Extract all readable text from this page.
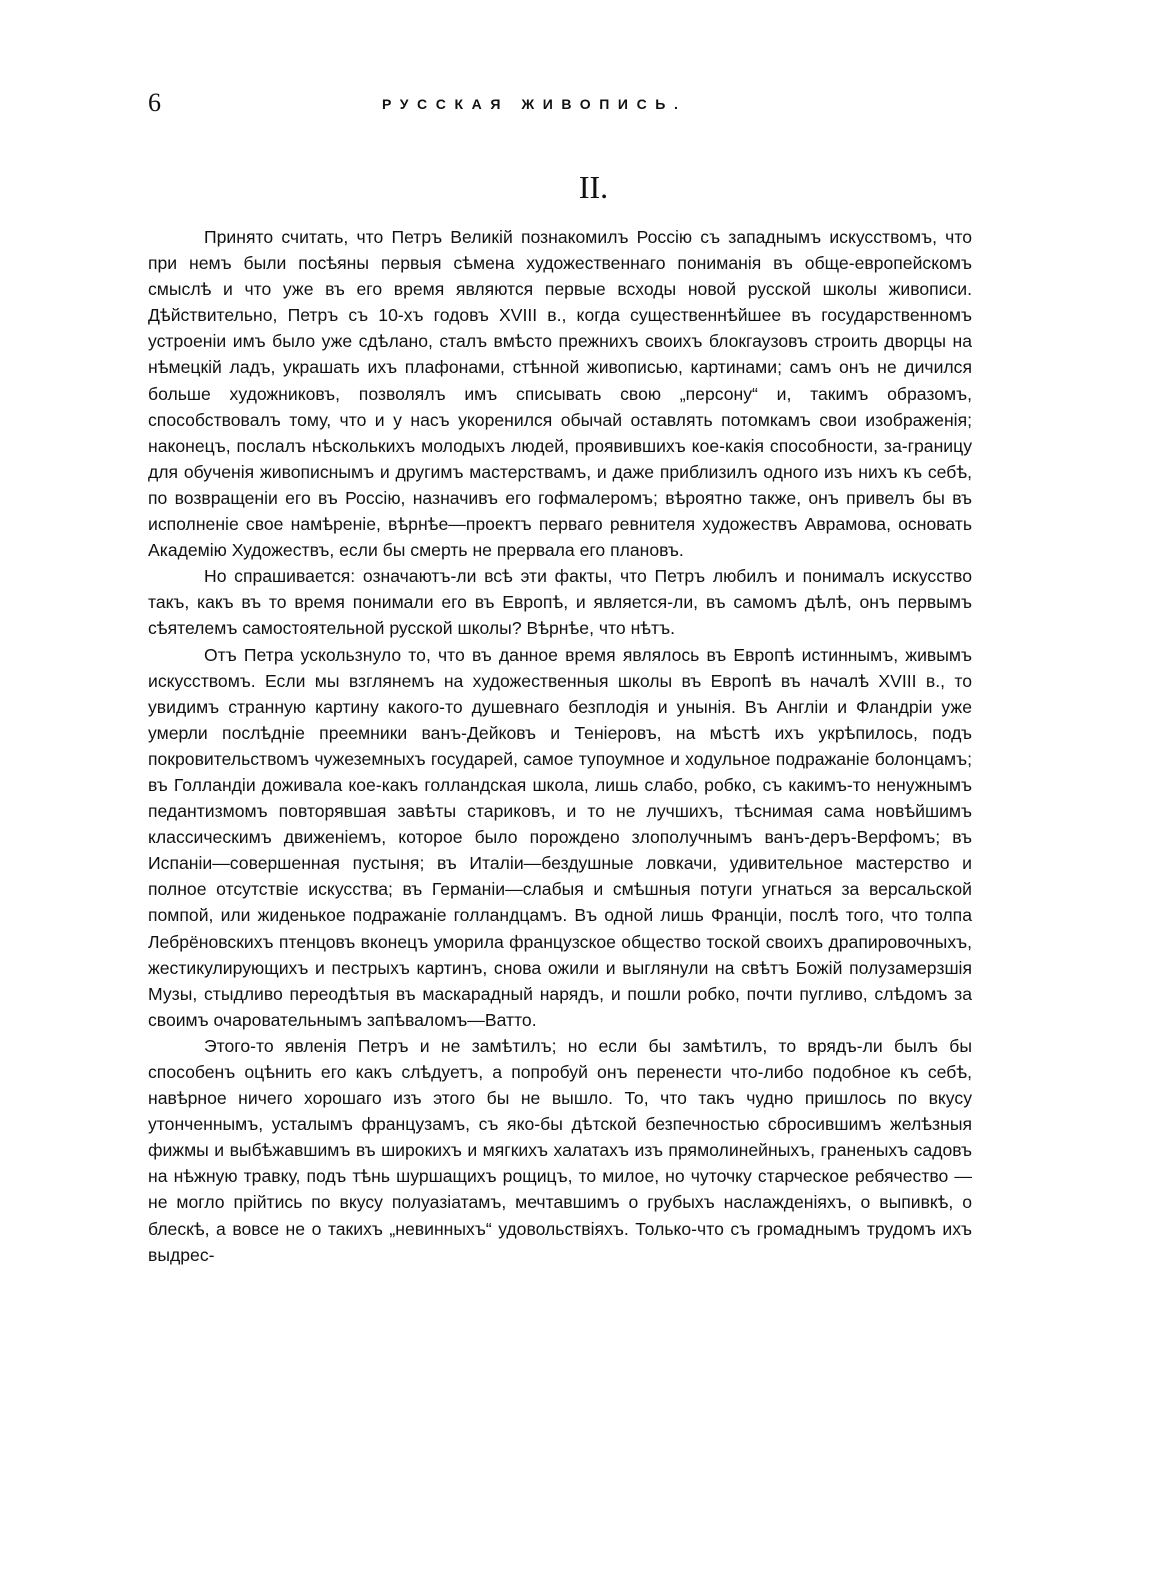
6	РУССКАЯ ЖИВОПИСЬ.
II.

Принято считать, что Петръ Великій познакомилъ Россію съ западнымъ искусствомъ, что при немъ были посѣяны первыя сѣмена художественнаго пониманія въ обще-европейскомъ смыслѣ и что уже въ его время являются первые всходы новой русской школы живописи. Дѣйствительно, Петръ съ 10-хъ годовъ XVIII в., когда существеннѣйшее въ государственномъ устроеніи имъ было уже сдѣлано, сталъ вмѣсто прежнихъ своихъ блокгаузовъ строить дворцы на нѣмецкій ладъ, украшать ихъ плафонами, стѣнной живописью, картинами; самъ онъ не дичился больше художниковъ, позволялъ имъ списывать свою „персону“ и, такимъ образомъ, способствовалъ тому, что и у насъ укоренился обычай оставлять потомкамъ свои изображенія; наконецъ, послалъ нѣсколькихъ молодыхъ людей, проявившихъ кое-какія способности, за-границу для обученія живописнымъ и другимъ мастерствамъ, и даже приблизилъ одного изъ нихъ къ себѣ, по возвращеніи его въ Россію, назначивъ его гофмалеромъ; вѣроятно также, онъ привелъ бы въ исполненіе свое намѣреніе, вѣрнѣе—проектъ перваго ревнителя художествъ Аврамова, основать Академію Художествъ, если бы смерть не прервала его плановъ.

Но спрашивается: означаютъ-ли всѣ эти факты, что Петръ любилъ и понималъ искусство такъ, какъ въ то время понимали его въ Европѣ, и является-ли, въ самомъ дѣлѣ, онъ первымъ сѣятелемъ самостоятельной русской школы? Вѣрнѣе, что нѣтъ.

Отъ Петра ускользнуло то, что въ данное время являлось въ Европѣ истиннымъ, живымъ искусствомъ. Если мы взглянемъ на художественныя школы въ Европѣ въ началѣ XVIII в., то увидимъ странную картину какого-то душевнаго безплодія и унынія. Въ Англіи и Фландріи уже умерли послѣдніе преемники ванъ-Дейковъ и Теніеровъ, на мѣстѣ ихъ укрѣпилось, подъ покровительствомъ чужеземныхъ государей, самое тупоумное и ходульное подражаніе болонцамъ; въ Голландіи доживала кое-какъ голландская школа, лишь слабо, робко, съ какимъ-то ненужнымъ педантизмомъ повторявшая завѣты стариковъ, и то не лучшихъ, тѣснимая сама новѣйшимъ классическимъ движеніемъ, которое было порождено злополучнымъ ванъ-деръ-Верфомъ; въ Испаніи—совершенная пустыня; въ Италіи—бездушные ловкачи, удивительное мастерство и полное отсутствіе искусства; въ Германіи—слабыя и смѣшныя потуги угнаться за версальской помпой, или жиденькое подражаніе голландцамъ. Въ одной лишь Франціи, послѣ того, что толпа Лебрёновскихъ птенцовъ вконецъ уморила французское общество тоской своихъ драпировочныхъ, жестикулирующихъ и пестрыхъ картинъ, снова ожили и выглянули на свѣтъ Божій полузамерзшія Музы, стыдливо переодѣтыя въ маскарадный нарядъ, и пошли робко, почти пугливо, слѣдомъ за своимъ очаровательнымъ запѣваломъ—Ватто.

Этого-то явленія Петръ и не замѣтилъ; но если бы замѣтилъ, то врядъ-ли былъ бы способенъ оцѣнить его какъ слѣдуетъ, а попробуй онъ перенести что-либо подобное къ себѣ, навѣрное ничего хорошаго изъ этого бы не вышло. То, что такъ чудно пришлось по вкусу утонченнымъ, усталымъ французамъ, съ яко-бы дѣтской безпечностью сбросившимъ желѣзныя фижмы и выбѣжавшимъ въ широкихъ и мягкихъ халатахъ изъ прямолинейныхъ, граненыхъ садовъ на нѣжную травку, подъ тѣнь шуршащихъ рощицъ, то милое, но чуточку старческое ребячество — не могло прійтись по вкусу полуазіатамъ, мечтавшимъ о грубыхъ наслажденіяхъ, о выпивкѣ, о блескѣ, а вовсе не о такихъ „невинныхъ“ удовольствіяхъ. Только-что съ громаднымъ трудомъ ихъ выдрес-
